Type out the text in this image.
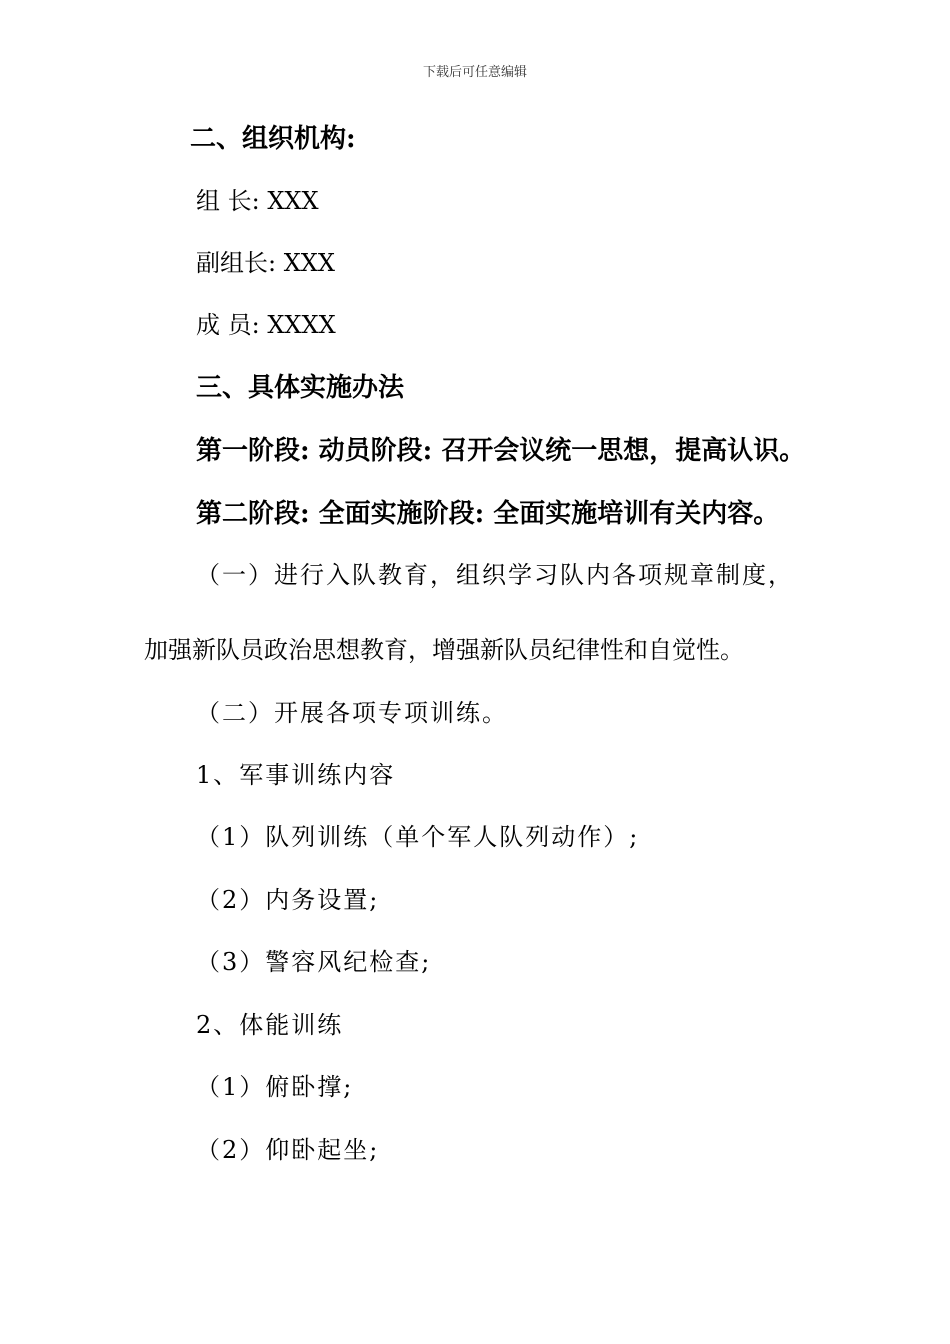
下载后可任意编辑
二、组织机构:
组 长: XXX
副组长: XXX
成 员: XXXX
三、具体实施办法
第一阶段: 动员阶段: 召开会议统一思想，提高认识。
第二阶段: 全面实施阶段: 全面实施培训有关内容。
（一）进行入队教育，组织学习队内各项规章制度，
加强新队员政治思想教育，增强新队员纪律性和自觉性。
（二）开展各项专项训练。
1、军事训练内容
（1）队列训练（单个军人队列动作）;
（2）内务设置;
（3）警容风纪检查;
2、体能训练
（1）俯卧撑;
（2）仰卧起坐;
